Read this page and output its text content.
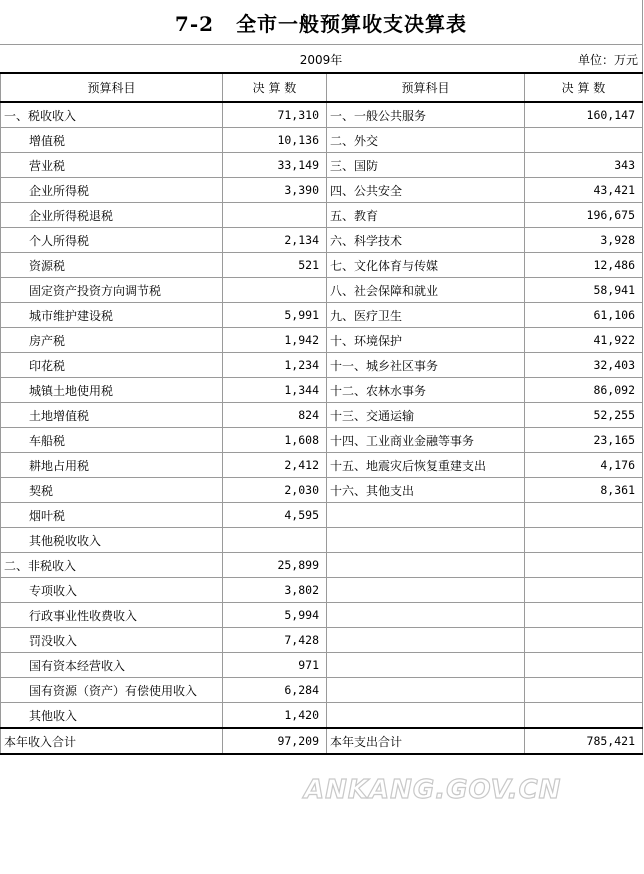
7-2 全市一般预算收支决算表
2009年	单位：万元
预算科目	决 算 数	预算科目	决 算 数
一、税收收入	71,310	一、一般公共服务	160,147
增值税	10,136	二、外交	
营业税	33,149	三、国防	343
企业所得税	3,390	四、公共安全	43,421
企业所得税退税		五、教育	196,675
个人所得税	2,134	六、科学技术	3,928
资源税	521	七、文化体育与传媒	12,486
固定资产投资方向调节税		八、社会保障和就业	58,941
城市维护建设税	5,991	九、医疗卫生	61,106
房产税	1,942	十、环境保护	41,922
印花税	1,234	十一、城乡社区事务	32,403
城镇土地使用税	1,344	十二、农林水事务	86,092
土地增值税	824	十三、交通运输	52,255
车船税	1,608	十四、工业商业金融等事务	23,165
耕地占用税	2,412	十五、地震灾后恢复重建支出	4,176
契税	2,030	十六、其他支出	8,361
烟叶税	4,595		
其他税收收入			
二、非税收入	25,899		
专项收入	3,802		
行政事业性收费收入	5,994		
罚没收入	7,428		
国有资本经营收入	971		
国有资源（资产）有偿使用收入	6,284		
其他收入	1,420		
本年收入合计	97,209	本年支出合计	785,421
ANKANG.GOV.CN
